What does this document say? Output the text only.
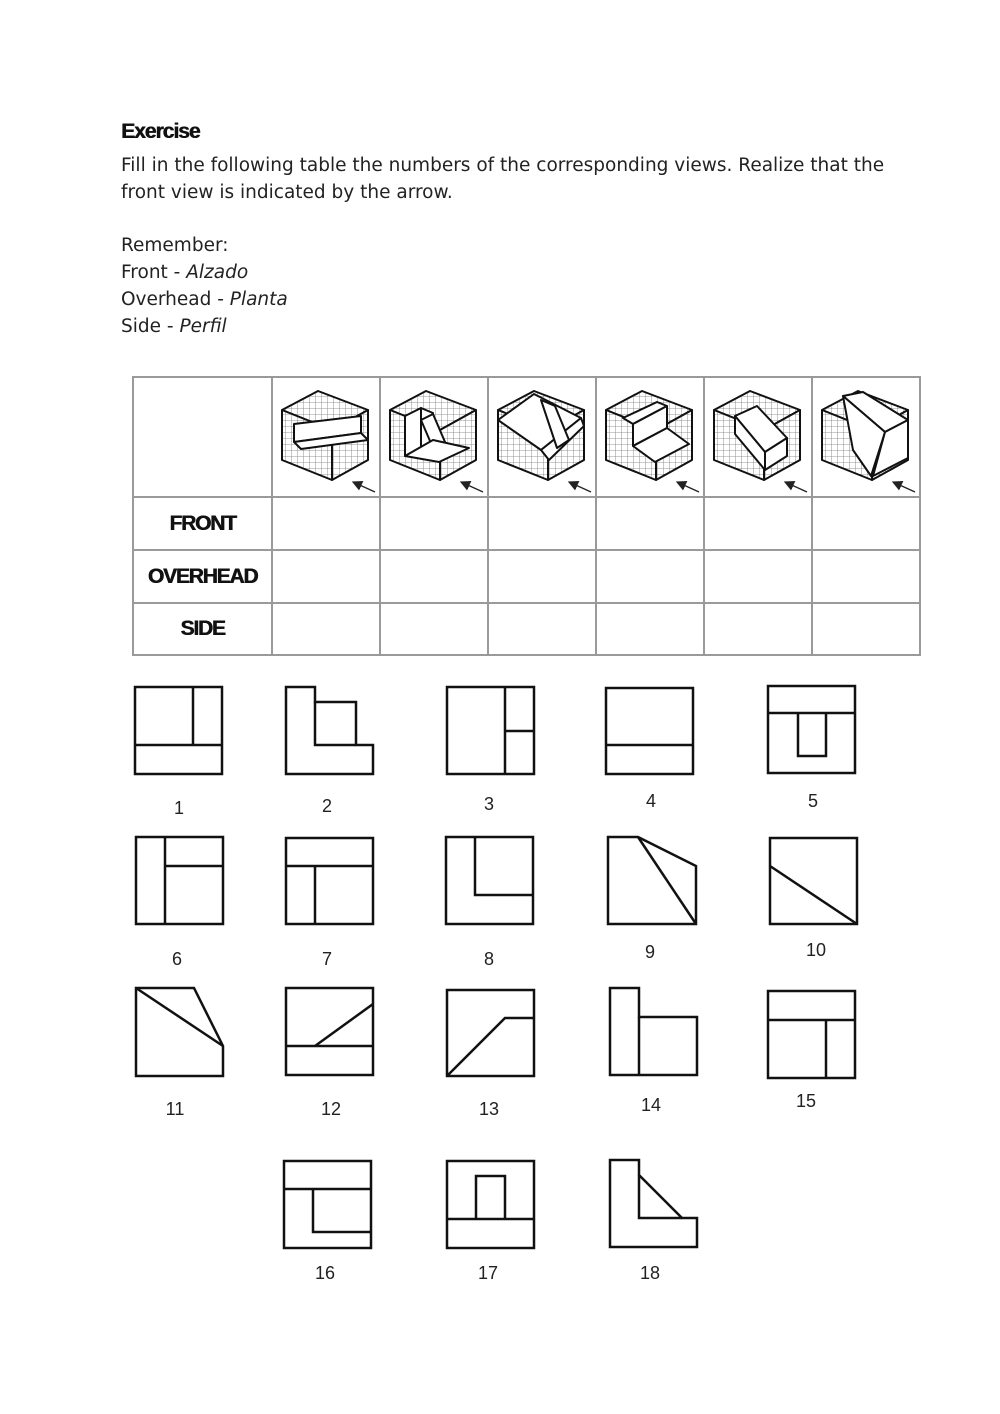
Exercise

Fill in the following table the numbers of the corresponding views. Realize that the front view is indicated by the arrow.

Remember:
Front - Alzado
Overhead - Planta
Side - Perfil

FRONT						
OVERHEAD						
SIDE						
1	2	3	4	5
6	7	8	9	10
11	12	13	14	15
16	17	18
